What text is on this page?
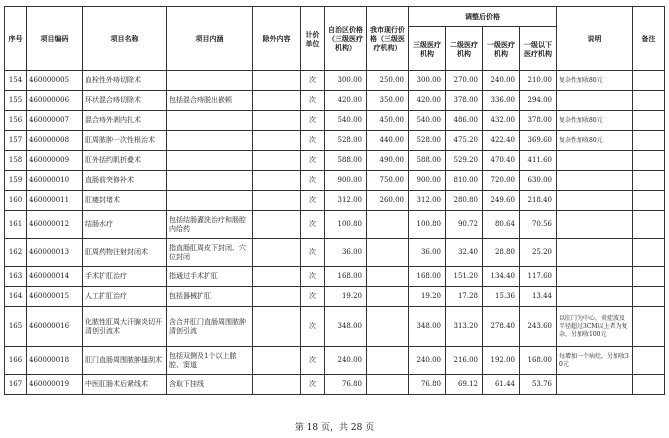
序号	项目编码	项目名称	项目内涵	除外内容	计价单位	自治区价格（三级医疗机构）	我市现行价格（三级医疗机构）	调整后价格				说明	备注
								三级医疗机构	二级医疗机构	一级医疗机构	一级以下医疗机构		
154	460000005	血栓性外痔切除术			次	300.00	250.00	300.00	270.00	240.00	210.00	复杂性加收80元	
155	460000006	环状混合痔切除术	包括混合痔脱出嵌顿		次	420.00	350.00	420.00	378.00	336.00	294.00		
156	460000007	混合痔外剥内扎术			次	540.00	450.00	540.00	486.00	432.00	378.00	复杂性加收80元	
157	460000008	肛周脓肿一次性根治术			次	528.00	440.00	528.00	475.20	422.40	369.60	复杂性加收80元	
158	460000009	肛外括约肌折叠术			次	588.00	490.00	588.00	529.20	470.40	411.60		
159	460000010	直肠前突修补术			次	900.00	750.00	900.00	810.00	720.00	630.00		
160	460000011	肛瘘封堵术			次	312.00	260.00	312.00	280.80	249.60	218.40		
161	460000012	结肠水疗	包括结肠灌洗治疗和肠腔内给药		次	100.80		100.80	90.72	80.64	70.56		
162	460000013	肛周药物注射封闭术	指直肠肛周皮下封闭、穴位封闭		次	36.00		36.00	32.40	28.80	25.20		
163	460000014	手术扩肛治疗	指通过手术扩肛		次	168.00		168.00	151.20	134.40	117.60		
164	460000015	人工扩肛治疗	包括器械扩肛		次	19.20		19.20	17.28	15.36	13.44		
165	460000016	化脓性肛周大汗腺炎切开清创引流术	含合并肛门直肠周围脓肿清创引流		次	348.00		348.00	313.20	278.40	243.60	以肛门为中心，炎症波及半径超过3CM以上者为复杂，另加收100元	
166	460000018	肛门直肠周围脓肿搔刮术	包括双侧及1个以上脓腔、窦道		次	240.00		240.00	216.00	192.00	168.00	每增加一个病灶，另加收30元	
167	460000019	中医肛肠术后紧线术	含取下挂线		次	76.80		76.80	69.12	61.44	53.76		
第 18 页，共 28 页
